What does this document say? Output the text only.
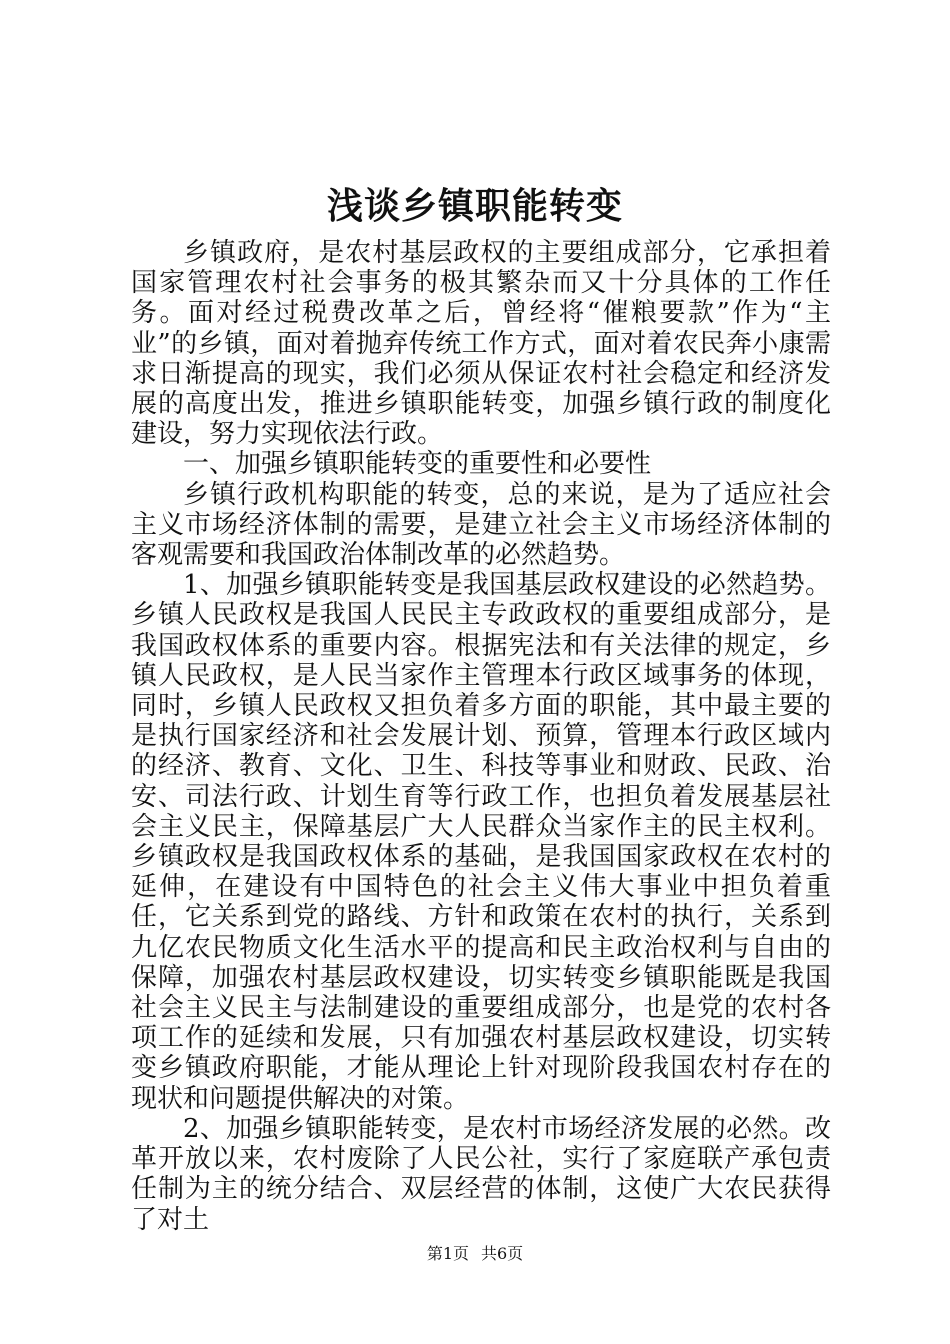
浅谈乡镇职能转变

乡镇政府，是农村基层政权的主要组成部分，它承担着国家管理农村社会事务的极其繁杂而又十分具体的工作任务。面对经过税费改革之后，曾经将“催粮要款”作为“主业”的乡镇，面对着抛弃传统工作方式，面对着农民奔小康需求日渐提高的现实，我们必须从保证农村社会稳定和经济发展的高度出发，推进乡镇职能转变，加强乡镇行政的制度化建设，努力实现依法行政。

一、加强乡镇职能转变的重要性和必要性

乡镇行政机构职能的转变，总的来说，是为了适应社会主义市场经济体制的需要，是建立社会主义市场经济体制的客观需要和我国政治体制改革的必然趋势。

1、加强乡镇职能转变是我国基层政权建设的必然趋势。乡镇人民政权是我国人民民主专政政权的重要组成部分，是我国政权体系的重要内容。根据宪法和有关法律的规定，乡镇人民政权，是人民当家作主管理本行政区域事务的体现，同时，乡镇人民政权又担负着多方面的职能，其中最主要的是执行国家经济和社会发展计划、预算，管理本行政区域内的经济、教育、文化、卫生、科技等事业和财政、民政、治安、司法行政、计划生育等行政工作，也担负着发展基层社会主义民主，保障基层广大人民群众当家作主的民主权利。乡镇政权是我国政权体系的基础，是我国国家政权在农村的延伸，在建设有中国特色的社会主义伟大事业中担负着重任，它关系到党的路线、方针和政策在农村的执行，关系到九亿农民物质文化生活水平的提高和民主政治权利与自由的保障，加强农村基层政权建设，切实转变乡镇职能既是我国社会主义民主与法制建设的重要组成部分，也是党的农村各项工作的延续和发展，只有加强农村基层政权建设，切实转变乡镇政府职能，才能从理论上针对现阶段我国农村存在的现状和问题提供解决的对策。

2、加强乡镇职能转变，是农村市场经济发展的必然。改革开放以来，农村废除了人民公社，实行了家庭联产承包责任制为主的统分结合、双层经营的体制，这使广大农民获得了对土

第1页 共6页
